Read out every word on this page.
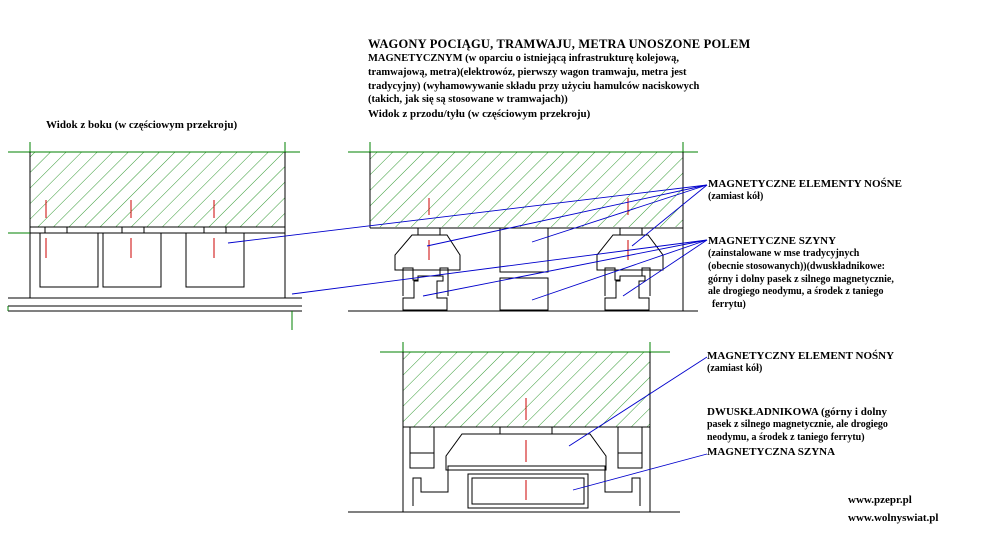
WAGONY POCIĄGU, TRAMWAJU, METRA UNOSZONE POLEM
MAGNETYCZNYM (w oparciu o istniejącą infrastrukturę kolejową,
tramwajową, metra)(elektrowóz, pierwszy wagon tramwaju, metra jest
tradycyjny) (wyhamowywanie składu przy użyciu hamulców naciskowych
(takich, jak się są stosowane w tramwajach))
Widok z przodu/tyłu (w częściowym przekroju)
Widok z boku (w częściowym przekroju)
MAGNETYCZNE ELEMENTY NOŚNE
(zamiast kół)
MAGNETYCZNE SZYNY
(zainstalowane w mse tradycyjnych
(obecnie stosowanych))(dwuskładnikowe:
górny i dolny pasek z silnego magnetycznie,
ale drogiego neodymu, a środek z taniego
ferrytu)
MAGNETYCZNY ELEMENT NOŚNY
(zamiast kół)
DWUSKŁADNIKOWA (górny i dolny
pasek z silnego magnetycznie, ale drogiego
neodymu, a środek z taniego ferrytu)
MAGNETYCZNA SZYNA
www.pzepr.pl
www.wolnyswiat.pl
